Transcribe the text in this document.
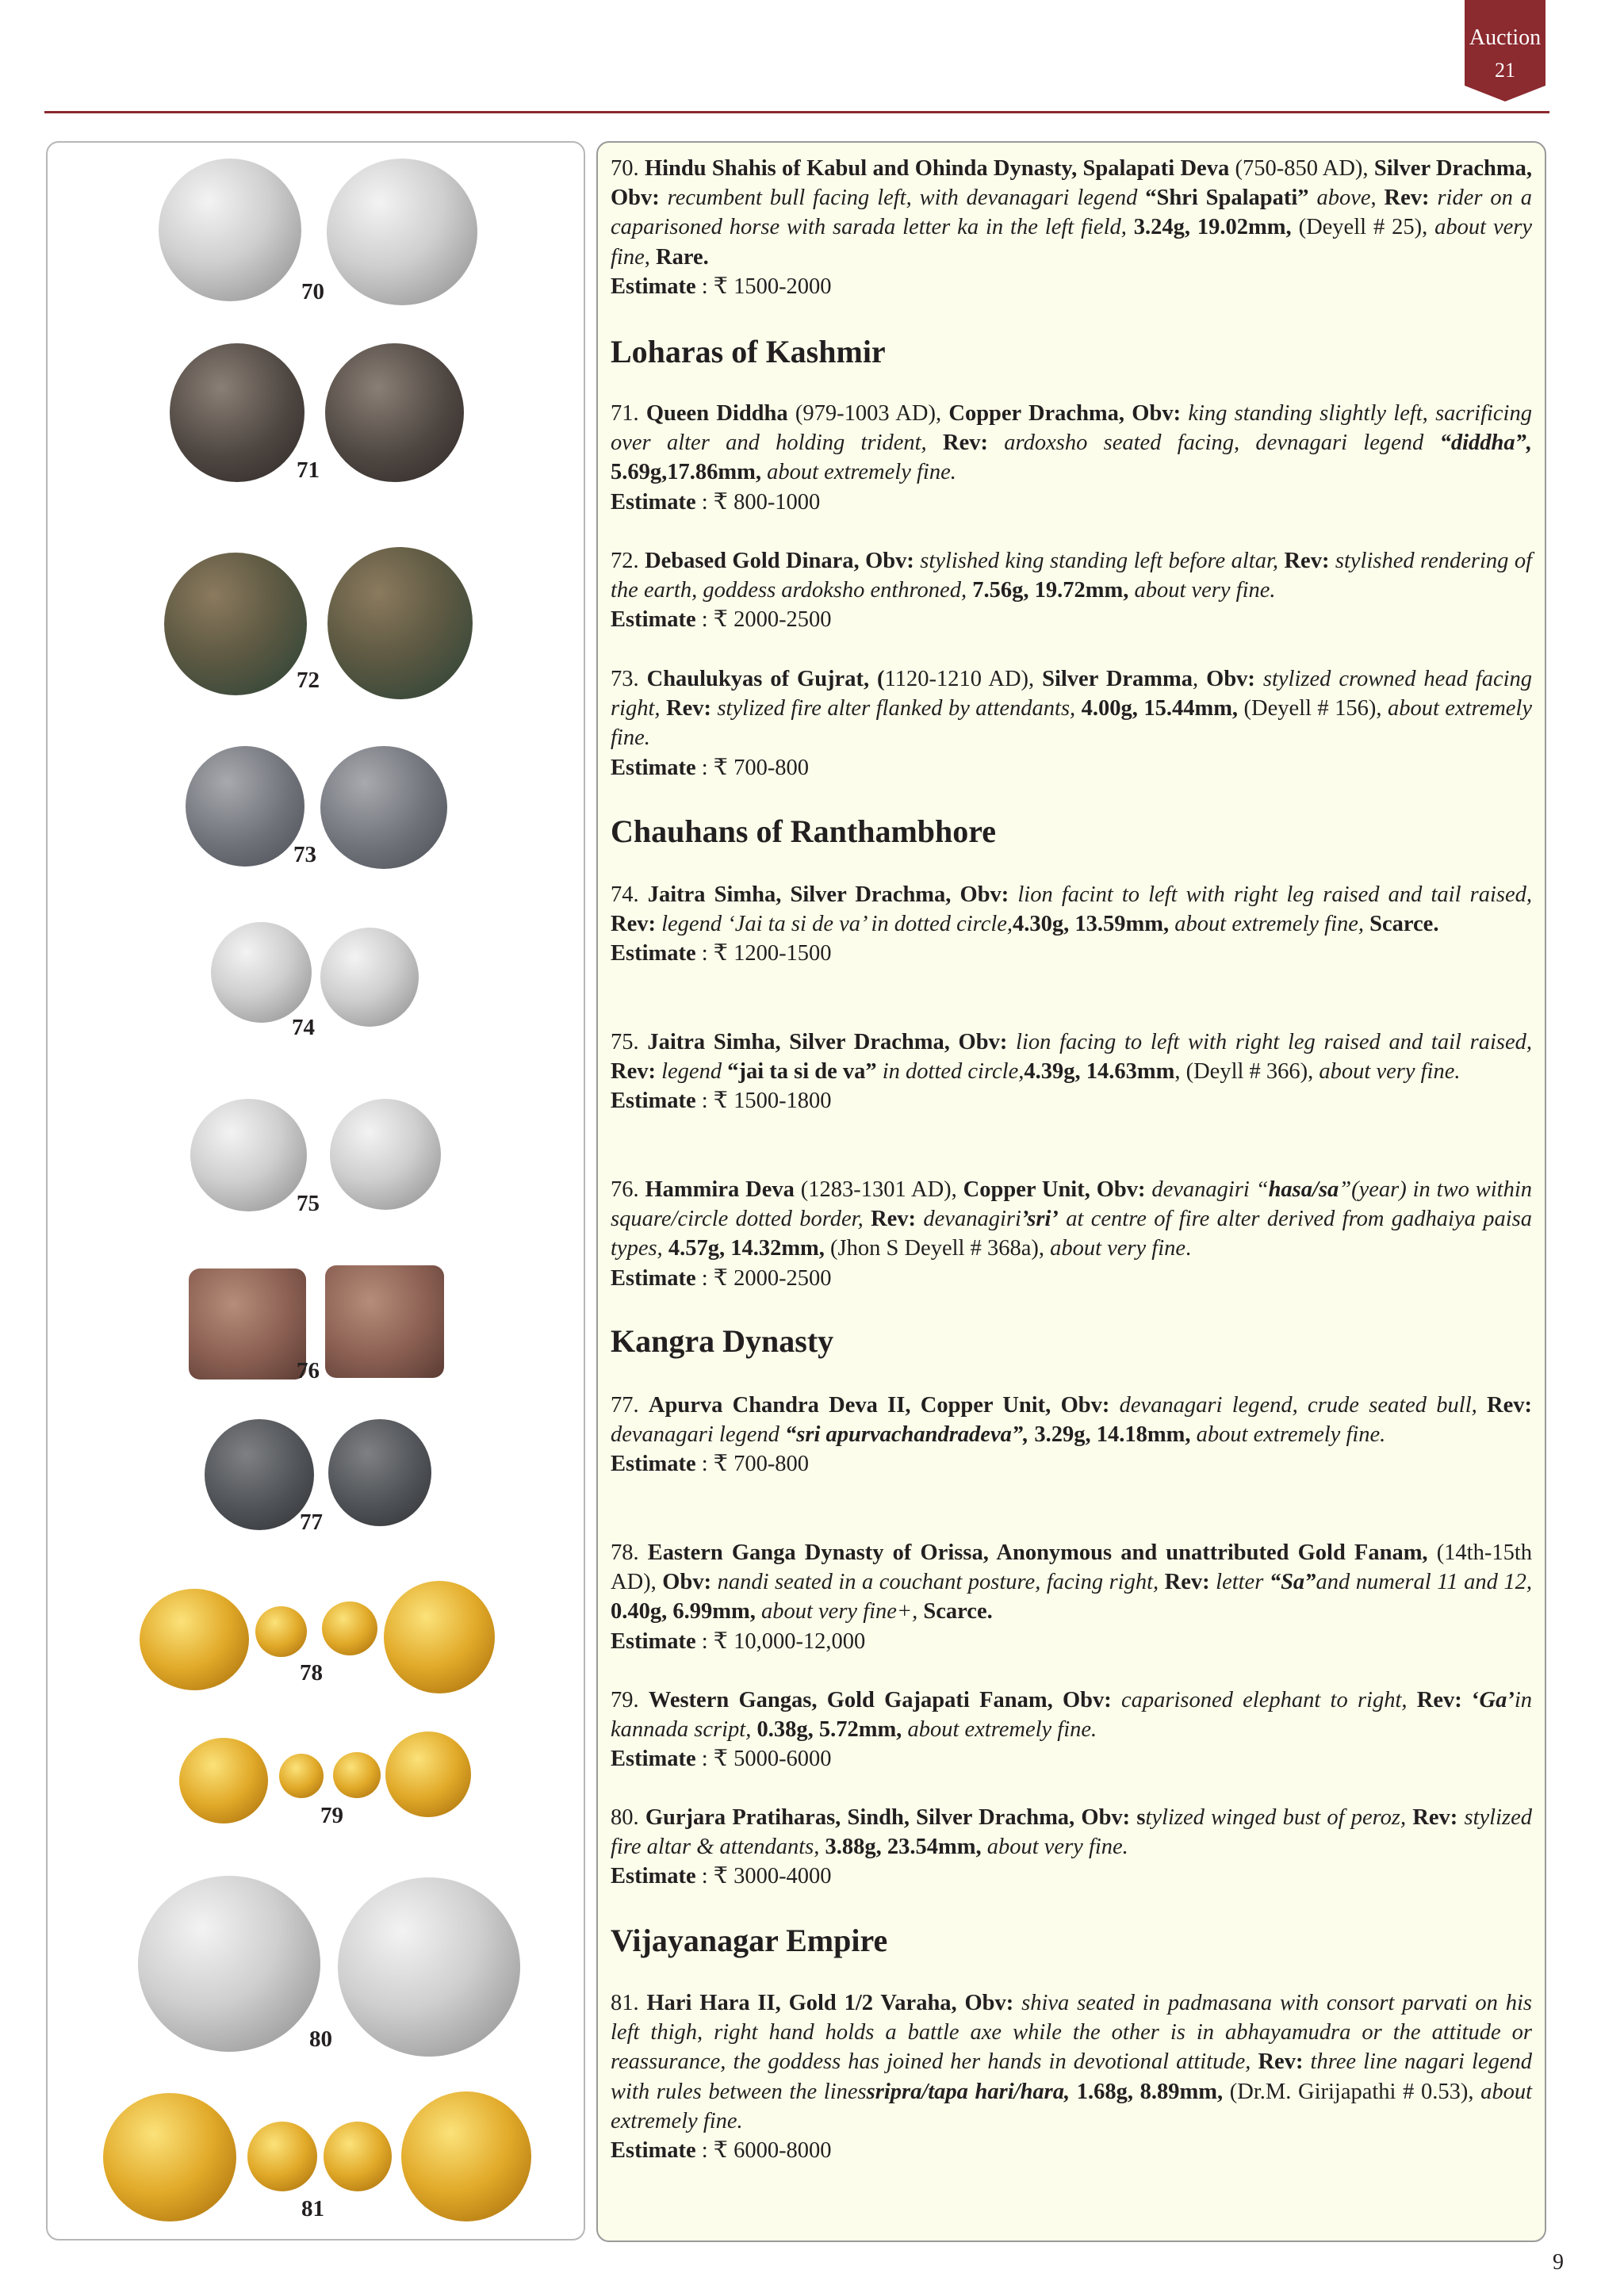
Auction
21
70
71
72
73
74
75
76
77
78
79
80
81

70. Hindu Shahis of Kabul and Ohinda Dynasty, Spalapati Deva (750-850 AD), Silver Drachma, Obv: recumbent bull facing left, with devanagari legend “Shri Spalapati” above, Rev: rider on a caparisoned horse with sarada letter ka in the left field, 3.24g, 19.02mm, (Deyell # 25), about very fine, Rare.

Estimate : ₹ 1500-2000

Loharas of Kashmir

71. Queen Diddha (979-1003 AD), Copper Drachma, Obv: king standing slightly left, sacrificing over alter and holding trident, Rev: ardoxsho seated facing, devnagari legend “diddha”, 5.69g,17.86mm, about extremely fine.

Estimate : ₹ 800-1000

72. Debased Gold Dinara, Obv: stylished king standing left before altar, Rev: stylished rendering of the earth, goddess ardoksho enthroned, 7.56g, 19.72mm, about very fine.

Estimate : ₹ 2000-2500

73. Chaulukyas of Gujrat, (1120-1210 AD), Silver Dramma, Obv: stylized crowned head facing right, Rev: stylized fire alter flanked by attendants, 4.00g, 15.44mm, (Deyell # 156), about extremely fine.

Estimate : ₹ 700-800

Chauhans of Ranthambhore

74. Jaitra Simha, Silver Drachma, Obv: lion facint to left with right leg raised and tail raised, Rev: legend ‘Jai ta si de va’ in dotted circle,4.30g, 13.59mm, about extremely fine, Scarce.

Estimate : ₹ 1200-1500

75. Jaitra Simha, Silver Drachma, Obv: lion facing to left with right leg raised and tail raised, Rev: legend “jai ta si de va” in dotted circle,4.39g, 14.63mm, (Deyll # 366), about very fine.

Estimate : ₹ 1500-1800

76. Hammira Deva (1283-1301 AD), Copper Unit, Obv: devanagiri “hasa/sa”(year) in two within square/circle dotted border, Rev: devanagiri’sri’ at centre of fire alter derived from gadhaiya paisa types, 4.57g, 14.32mm, (Jhon S Deyell # 368a), about very fine.

Estimate : ₹ 2000-2500

Kangra Dynasty

77. Apurva Chandra Deva II, Copper Unit, Obv: devanagari legend, crude seated bull, Rev: devanagari legend “sri apurvachandradeva”, 3.29g, 14.18mm, about extremely fine.

Estimate : ₹ 700-800

78. Eastern Ganga Dynasty of Orissa, Anonymous and unattributed Gold Fanam, (14th-15th AD), Obv: nandi seated in a couchant posture, facing right, Rev: letter “Sa”and numeral 11 and 12, 0.40g, 6.99mm, about very fine+, Scarce.

Estimate : ₹ 10,000-12,000

79. Western Gangas, Gold Gajapati Fanam, Obv: caparisoned elephant to right, Rev: ‘Ga’in kannada script, 0.38g, 5.72mm, about extremely fine.

Estimate : ₹ 5000-6000

80. Gurjara Pratiharas, Sindh, Silver Drachma, Obv: stylized winged bust of peroz, Rev: stylized fire altar & attendants, 3.88g, 23.54mm, about very fine.

Estimate : ₹ 3000-4000

Vijayanagar Empire

81. Hari Hara II, Gold 1/2 Varaha, Obv: shiva seated in padmasana with consort parvati on his left thigh, right hand holds a battle axe while the other is in abhayamudra or the attitude or reassurance, the goddess has joined her hands in devotional attitude, Rev: three line nagari legend with rules between the linessripra/tapa hari/hara, 1.68g, 8.89mm, (Dr.M. Girijapathi # 0.53), about extremely fine.

Estimate : ₹ 6000-8000

9
